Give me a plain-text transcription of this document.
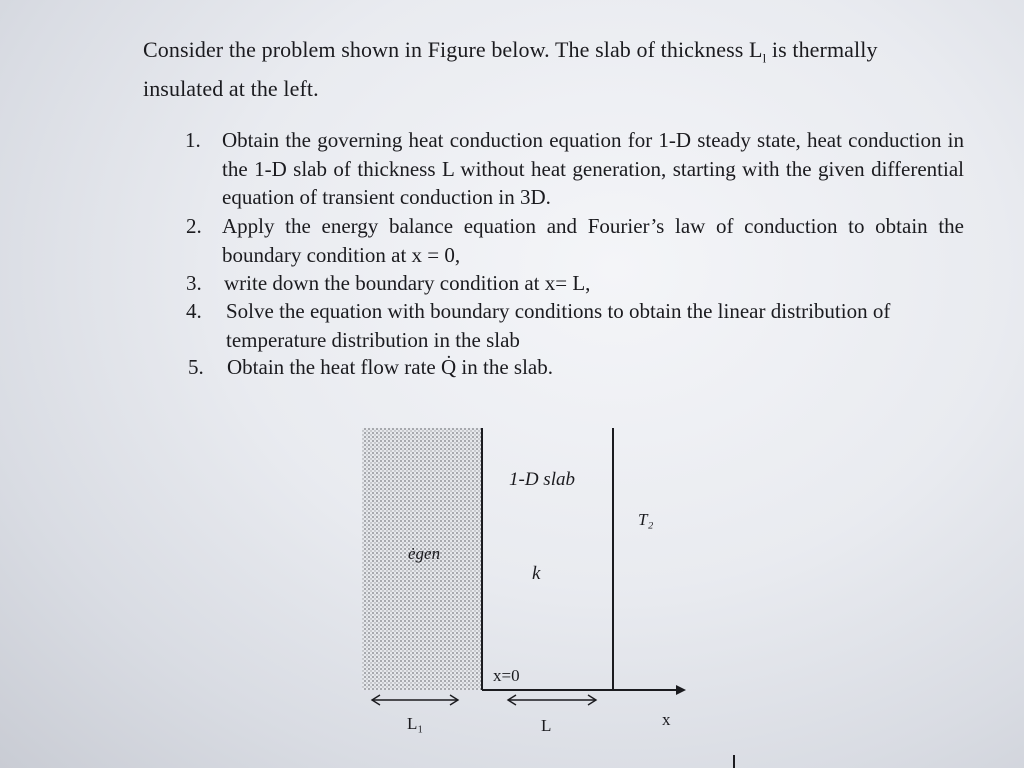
Consider the problem shown in Figure below. The slab of thickness $L_l$ is thermally
insulated at the left.
1. Obtain the governing heat conduction equation for 1-D steady state, heat conduction in the 1-D slab of thickness L without heat generation, starting with the given differential equation of transient conduction in 3D.
2. Apply the energy balance equation and Fourier’s law of conduction to obtain the boundary condition at x = 0,
3. write down the boundary condition at x= L,
4. Solve the equation with boundary conditions to obtain the linear distribution of temperature distribution in the slab
5. Obtain the heat flow rate Q̇ in the slab.
1-D slab
T₂
ėgen
k
x=0
L₁	L	x
